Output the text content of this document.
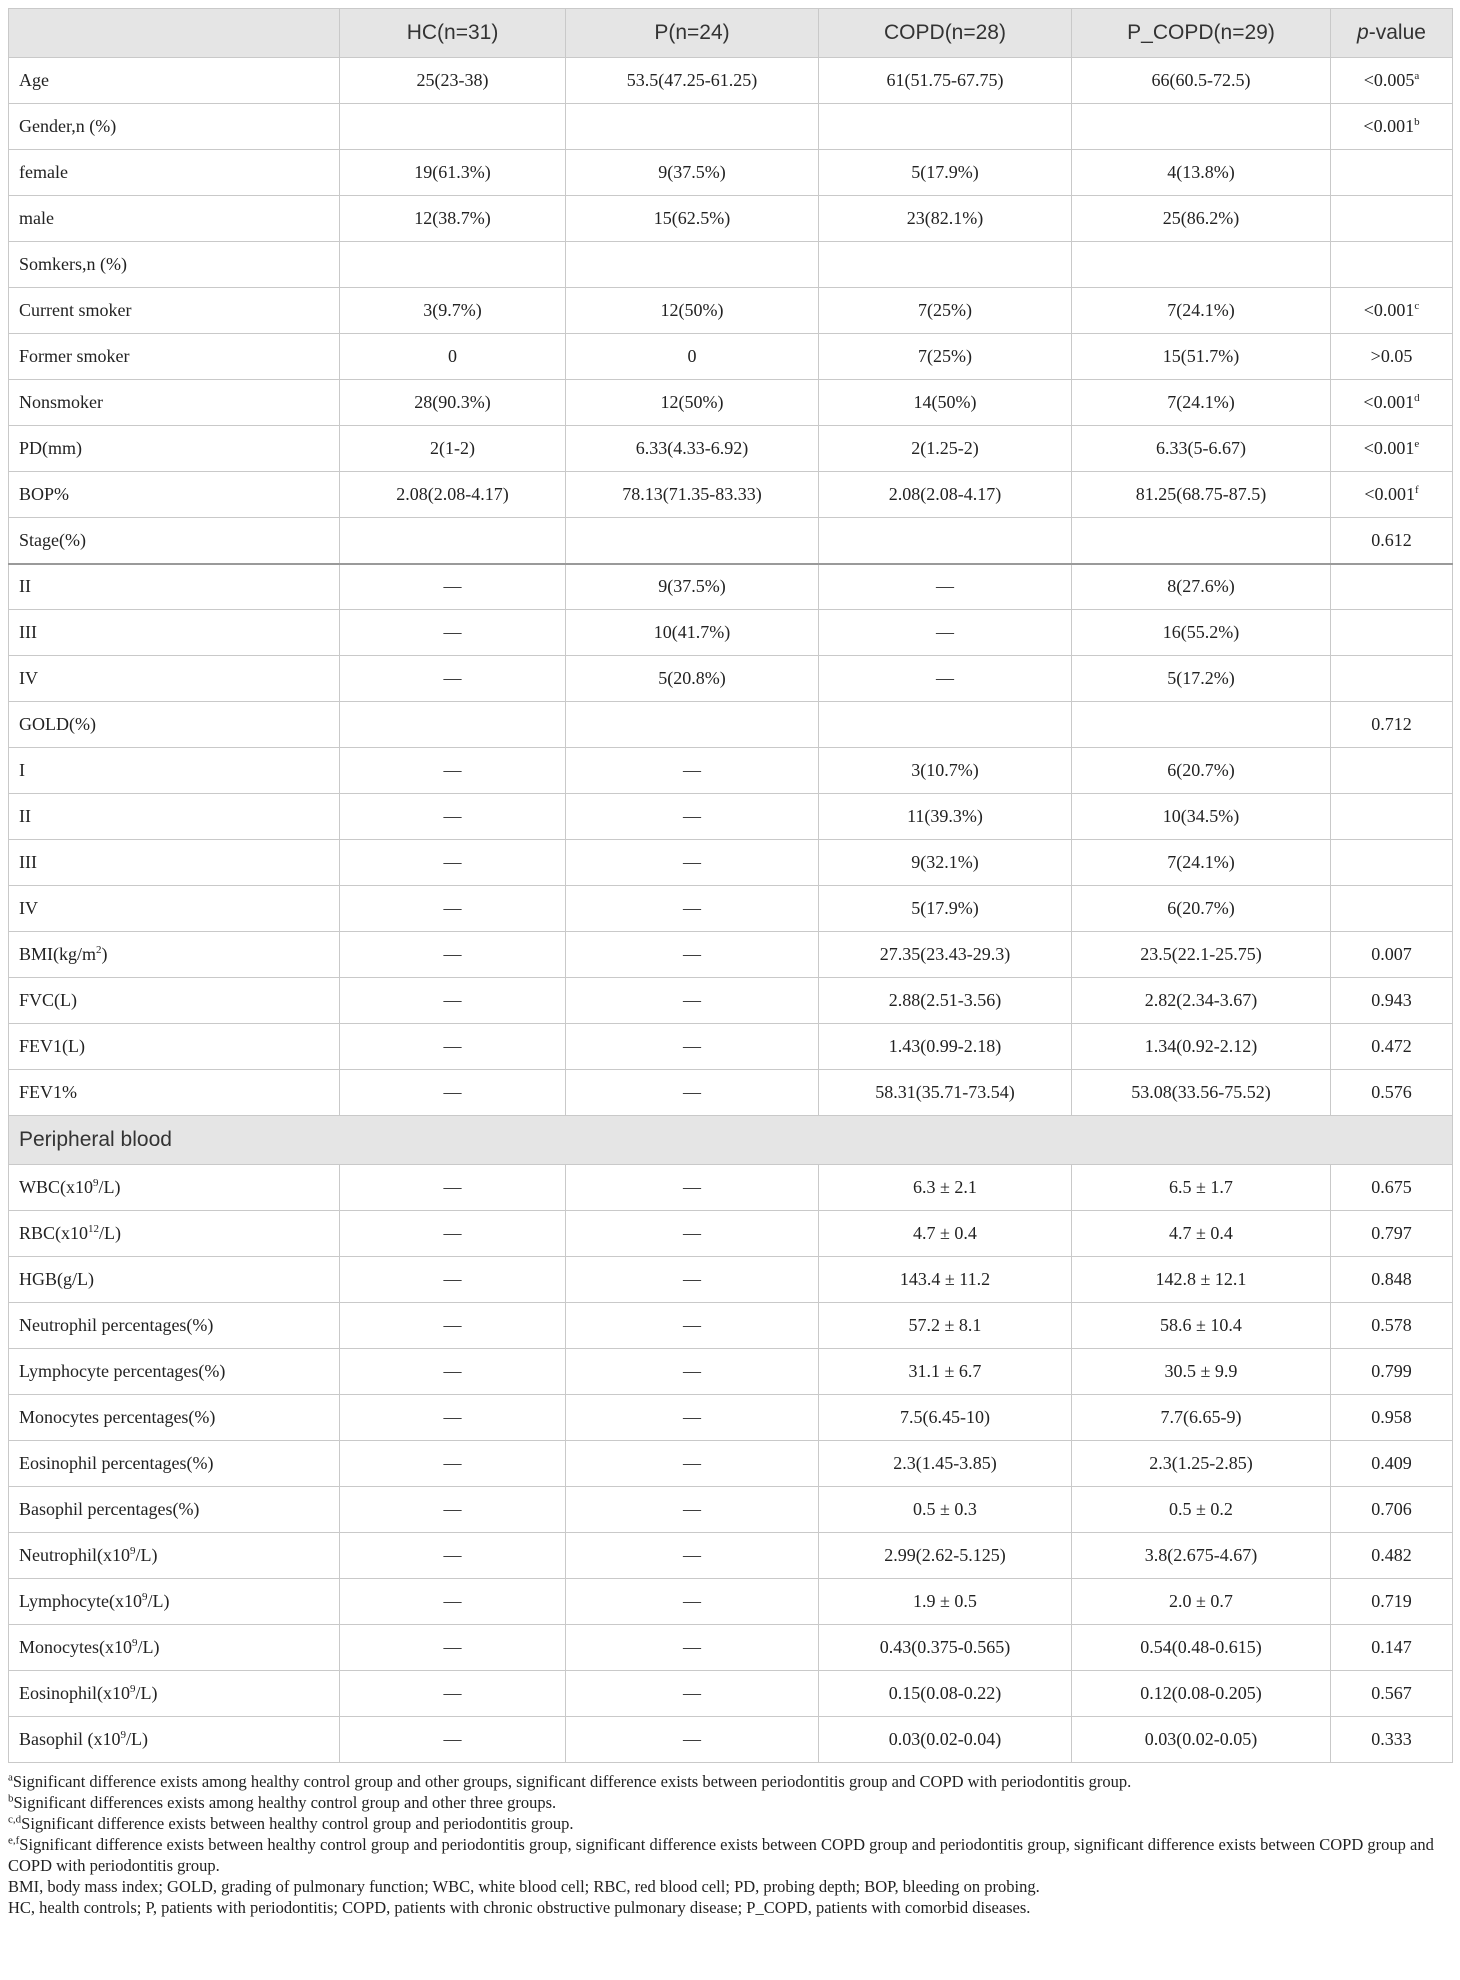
	HC(n=31)	P(n=24)	COPD(n=28)	P_COPD(n=29)	p-value
Age	25(23-38)	53.5(47.25-61.25)	61(51.75-67.75)	66(60.5-72.5)	<0.005$^a$
Gender,n (%)					<0.001$^b$
female	19(61.3%)	9(37.5%)	5(17.9%)	4(13.8%)	
male	12(38.7%)	15(62.5%)	23(82.1%)	25(86.2%)	
Somkers,n (%)					
Current smoker	3(9.7%)	12(50%)	7(25%)	7(24.1%)	<0.001$^c$
Former smoker	0	0	7(25%)	15(51.7%)	>0.05
Nonsmoker	28(90.3%)	12(50%)	14(50%)	7(24.1%)	<0.001$^d$
PD(mm)	2(1-2)	6.33(4.33-6.92)	2(1.25-2)	6.33(5-6.67)	<0.001$^e$
BOP%	2.08(2.08-4.17)	78.13(71.35-83.33)	2.08(2.08-4.17)	81.25(68.75-87.5)	<0.001$^f$
Stage(%)					0.612
II	—	9(37.5%)	—	8(27.6%)	
III	—	10(41.7%)	—	16(55.2%)	
IV	—	5(20.8%)	—	5(17.2%)	
GOLD(%)					0.712
I	—	—	3(10.7%)	6(20.7%)	
II	—	—	11(39.3%)	10(34.5%)	
III	—	—	9(32.1%)	7(24.1%)	
IV	—	—	5(17.9%)	6(20.7%)	
$BMI(kg/m^2)$	—	—	27.35(23.43-29.3)	23.5(22.1-25.75)	0.007
FVC(L)	—	—	2.88(2.51-3.56)	2.82(2.34-3.67)	0.943
FEV1(L)	—	—	1.43(0.99-2.18)	1.34(0.92-2.12)	0.472
FEV1%	—	—	58.31(35.71-73.54)	53.08(33.56-75.52)	0.576
Peripheral blood					
$WBC(x10^9/L)$	—	—	6.3 ± 2.1	6.5 ± 1.7	0.675
$RBC(x10^{12}/L)$	—	—	4.7 ± 0.4	4.7 ± 0.4	0.797
HGB(g/L)	—	—	143.4 ± 11.2	142.8 ± 12.1	0.848
Neutrophil percentages(%)	—	—	57.2 ± 8.1	58.6 ± 10.4	0.578
Lymphocyte percentages(%)	—	—	31.1 ± 6.7	30.5 ± 9.9	0.799
Monocytes percentages(%)	—	—	7.5(6.45-10)	7.7(6.65-9)	0.958
Eosinophil percentages(%)	—	—	2.3(1.45-3.85)	2.3(1.25-2.85)	0.409
Basophil percentages(%)	—	—	0.5 ± 0.3	0.5 ± 0.2	0.706
$Neutrophil(x10^9/L)$	—	—	2.99(2.62-5.125)	3.8(2.675-4.67)	0.482
$Lymphocyte(x10^9/L)$	—	—	1.9 ± 0.5	2.0 ± 0.7	0.719
$Monocytes(x10^9/L)$	—	—	0.43(0.375-0.565)	0.54(0.48-0.615)	0.147
$Eosinophil(x10^9/L)$	—	—	0.15(0.08-0.22)	0.12(0.08-0.205)	0.567
Basophil $(x10^9/L)$	—	—	0.03(0.02-0.04)	0.03(0.02-0.05)	0.333

$^a$Significant difference exists among healthy control group and other groups, significant difference exists between periodontitis group and COPD with periodontitis group.

$^b$Significant differences exists among healthy control group and other three groups.

$^{c,d}$Significant difference exists between healthy control group and periodontitis group.

$^{e,f}$Significant difference exists between healthy control group and periodontitis group, significant difference exists between COPD group and periodontitis group, significant difference exists between COPD group and COPD with periodontitis group.

BMI, body mass index; GOLD, grading of pulmonary function; WBC, white blood cell; RBC, red blood cell; PD, probing depth; BOP, bleeding on probing.

HC, health controls; P, patients with periodontitis; COPD, patients with chronic obstructive pulmonary disease; P_COPD, patients with comorbid diseases.
